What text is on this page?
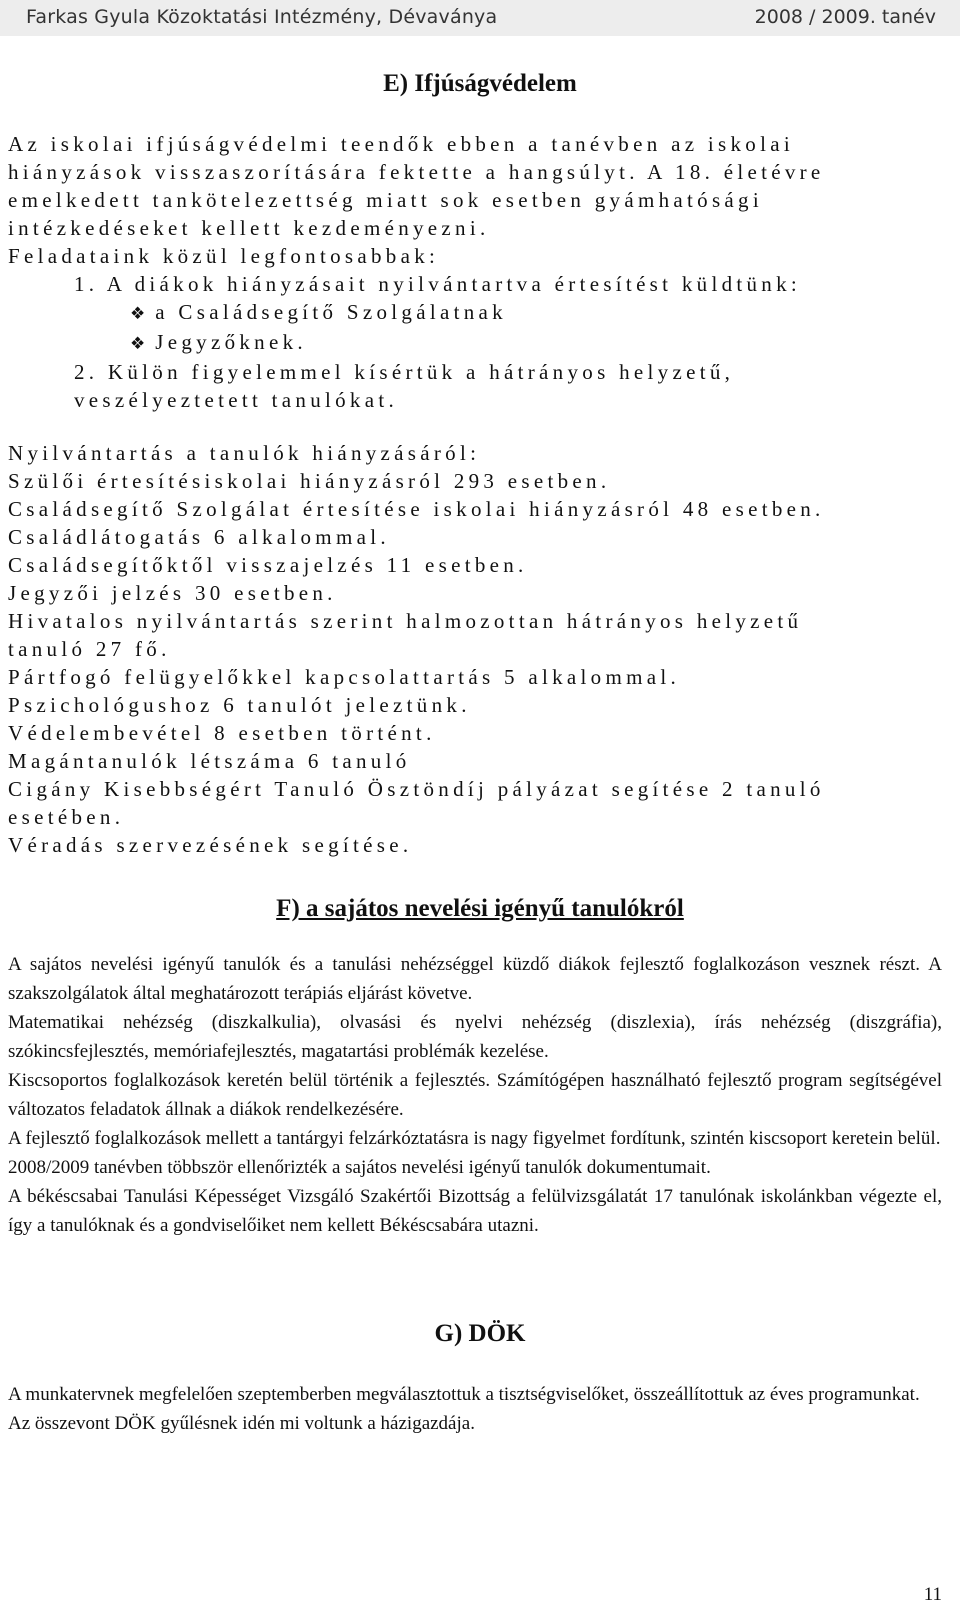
Farkas Gyula Közoktatási Intézmény, Dévaványa	2008 / 2009. tanév
E) Ifjúságvédelem
Az iskolai ifjúságvédelmi teendők ebben a tanévben az iskolai
hiányzások visszaszorítására fektette a hangsúlyt. A 18. életévre
emelkedett tankötelezettség miatt sok esetben gyámhatósági
intézkedéseket kellett kezdeményezni.
Feladataink közül legfontosabbak:
1. A diákok hiányzásait nyilvántartva értesítést küldtünk:
❖ a Családsegítő Szolgálatnak
❖ Jegyzőknek.
2. Külön figyelemmel kísértük a hátrányos helyzetű,
veszélyeztetett tanulókat.
Nyilvántartás a tanulók hiányzásáról:
Szülői értesítésiskolai hiányzásról 293 esetben.
Családsegítő Szolgálat értesítése iskolai hiányzásról 48 esetben.
Családlátogatás 6 alkalommal.
Családsegítőktől visszajelzés 11 esetben.
Jegyzői jelzés 30 esetben.
Hivatalos nyilvántartás szerint halmozottan hátrányos helyzetű
tanuló 27 fő.
Pártfogó felügyelőkkel kapcsolattartás 5 alkalommal.
Pszichológushoz 6 tanulót jeleztünk.
Védelembevétel 8 esetben történt.
Magántanulók létszáma 6 tanuló
Cigány Kisebbségért Tanuló Ösztöndíj pályázat segítése 2 tanuló
esetében.
Véradás szervezésének segítése.
F) a sajátos nevelési igényű tanulókról

A sajátos nevelési igényű tanulók és a tanulási nehézséggel küzdő diákok fejlesztő foglalkozáson vesznek részt. A szakszolgálatok által meghatározott terápiás eljárást követve.

Matematikai nehézség (diszkalkulia), olvasási és nyelvi nehézség (diszlexia), írás nehézség (diszgráfia), szókincsfejlesztés, memóriafejlesztés, magatartási problémák kezelése.

Kiscsoportos foglalkozások keretén belül történik a fejlesztés. Számítógépen használható fejlesztő program segítségével változatos feladatok állnak a diákok rendelkezésére.

A fejlesztő foglalkozások mellett a tantárgyi felzárkóztatásra is nagy figyelmet fordítunk, szintén kiscsoport keretein belül.

2008/2009 tanévben többször ellenőrizték a sajátos nevelési igényű tanulók dokumentumait.

A békéscsabai Tanulási Képességet Vizsgáló Szakértői Bizottság a felülvizsgálatát 17 tanulónak iskolánkban végezte el, így a tanulóknak és a gondviselőiket nem kellett Békéscsabára utazni.

G) DÖK

A munkatervnek megfelelően szeptemberben megválasztottuk a tisztségviselőket, összeállítottuk az éves programunkat.

Az összevont DÖK gyűlésnek idén mi voltunk a házigazdája.

11
